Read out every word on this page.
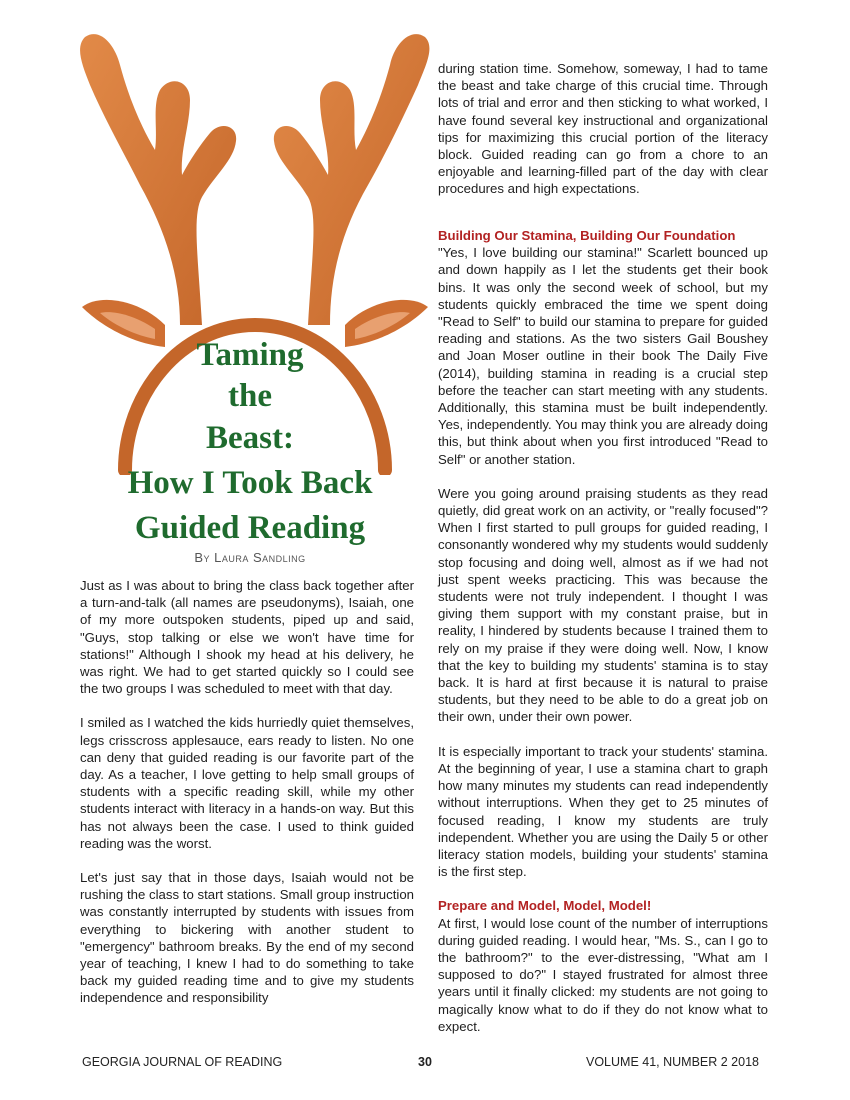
Taming
the
Beast:
How I Took Back
Guided Reading
By Laura Sandling

during station time. Somehow, someway, I had to tame the beast and take charge of this crucial time. Through lots of trial and error and then sticking to what worked, I have found several key instructional and organizational tips for maximizing this crucial portion of the literacy block. Guided reading can go from a chore to an enjoyable and learning-filled part of the day with clear procedures and high expectations.

Just as I was about to bring the class back together after a turn-and-talk (all names are pseudonyms), Isaiah, one of my more outspoken students, piped up and said, "Guys, stop talking or else we won't have time for stations!" Although I shook my head at his delivery, he was right. We had to get started quickly so I could see the two groups I was scheduled to meet with that day.

I smiled as I watched the kids hurriedly quiet themselves, legs crisscross applesauce, ears ready to listen. No one can deny that guided reading is our favorite part of the day. As a teacher, I love getting to help small groups of students with a specific reading skill, while my other students interact with literacy in a hands-on way. But this has not always been the case. I used to think guided reading was the worst.

Let's just say that in those days, Isaiah would not be rushing the class to start stations. Small group instruction was constantly interrupted by students with issues from everything to bickering with another student to "emergency" bathroom breaks. By the end of my second year of teaching, I knew I had to do something to take back my guided reading time and to give my students independence and responsibility

Building Our Stamina, Building Our Foundation

"Yes, I love building our stamina!" Scarlett bounced up and down happily as I let the students get their book bins. It was only the second week of school, but my students quickly embraced the time we spent doing "Read to Self" to build our stamina to prepare for guided reading and stations. As the two sisters Gail Boushey and Joan Moser outline in their book The Daily Five (2014), building stamina in reading is a crucial step before the teacher can start meeting with any students. Additionally, this stamina must be built independently. Yes, independently. You may think you are already doing this, but think about when you first introduced "Read to Self" or another station.

Were you going around praising students as they read quietly, did great work on an activity, or "really focused"? When I first started to pull groups for guided reading, I consonantly wondered why my students would suddenly stop focusing and doing well, almost as if we had not just spent weeks practicing. This was because the students were not truly independent. I thought I was giving them support with my constant praise, but in reality, I hindered by students because I trained them to rely on my praise if they were doing well. Now, I know that the key to building my students' stamina is to stay back. It is hard at first because it is natural to praise students, but they need to be able to do a great job on their own, under their own power.

It is especially important to track your students' stamina. At the beginning of year, I use a stamina chart to graph how many minutes my students can read independently without interruptions. When they get to 25 minutes of focused reading, I know my students are truly independent. Whether you are using the Daily 5 or other literacy station models, building your students' stamina is the first step.

Prepare and Model, Model, Model!

At first, I would lose count of the number of interruptions during guided reading. I would hear, "Ms. S., can I go to the bathroom?" to the ever-distressing, "What am I supposed to do?" I stayed frustrated for almost three years until it finally clicked: my students are not going to magically know what to do if they do not know what to expect.

GEORGIA JOURNAL OF READING	30	VOLUME 41, NUMBER 2 2018
